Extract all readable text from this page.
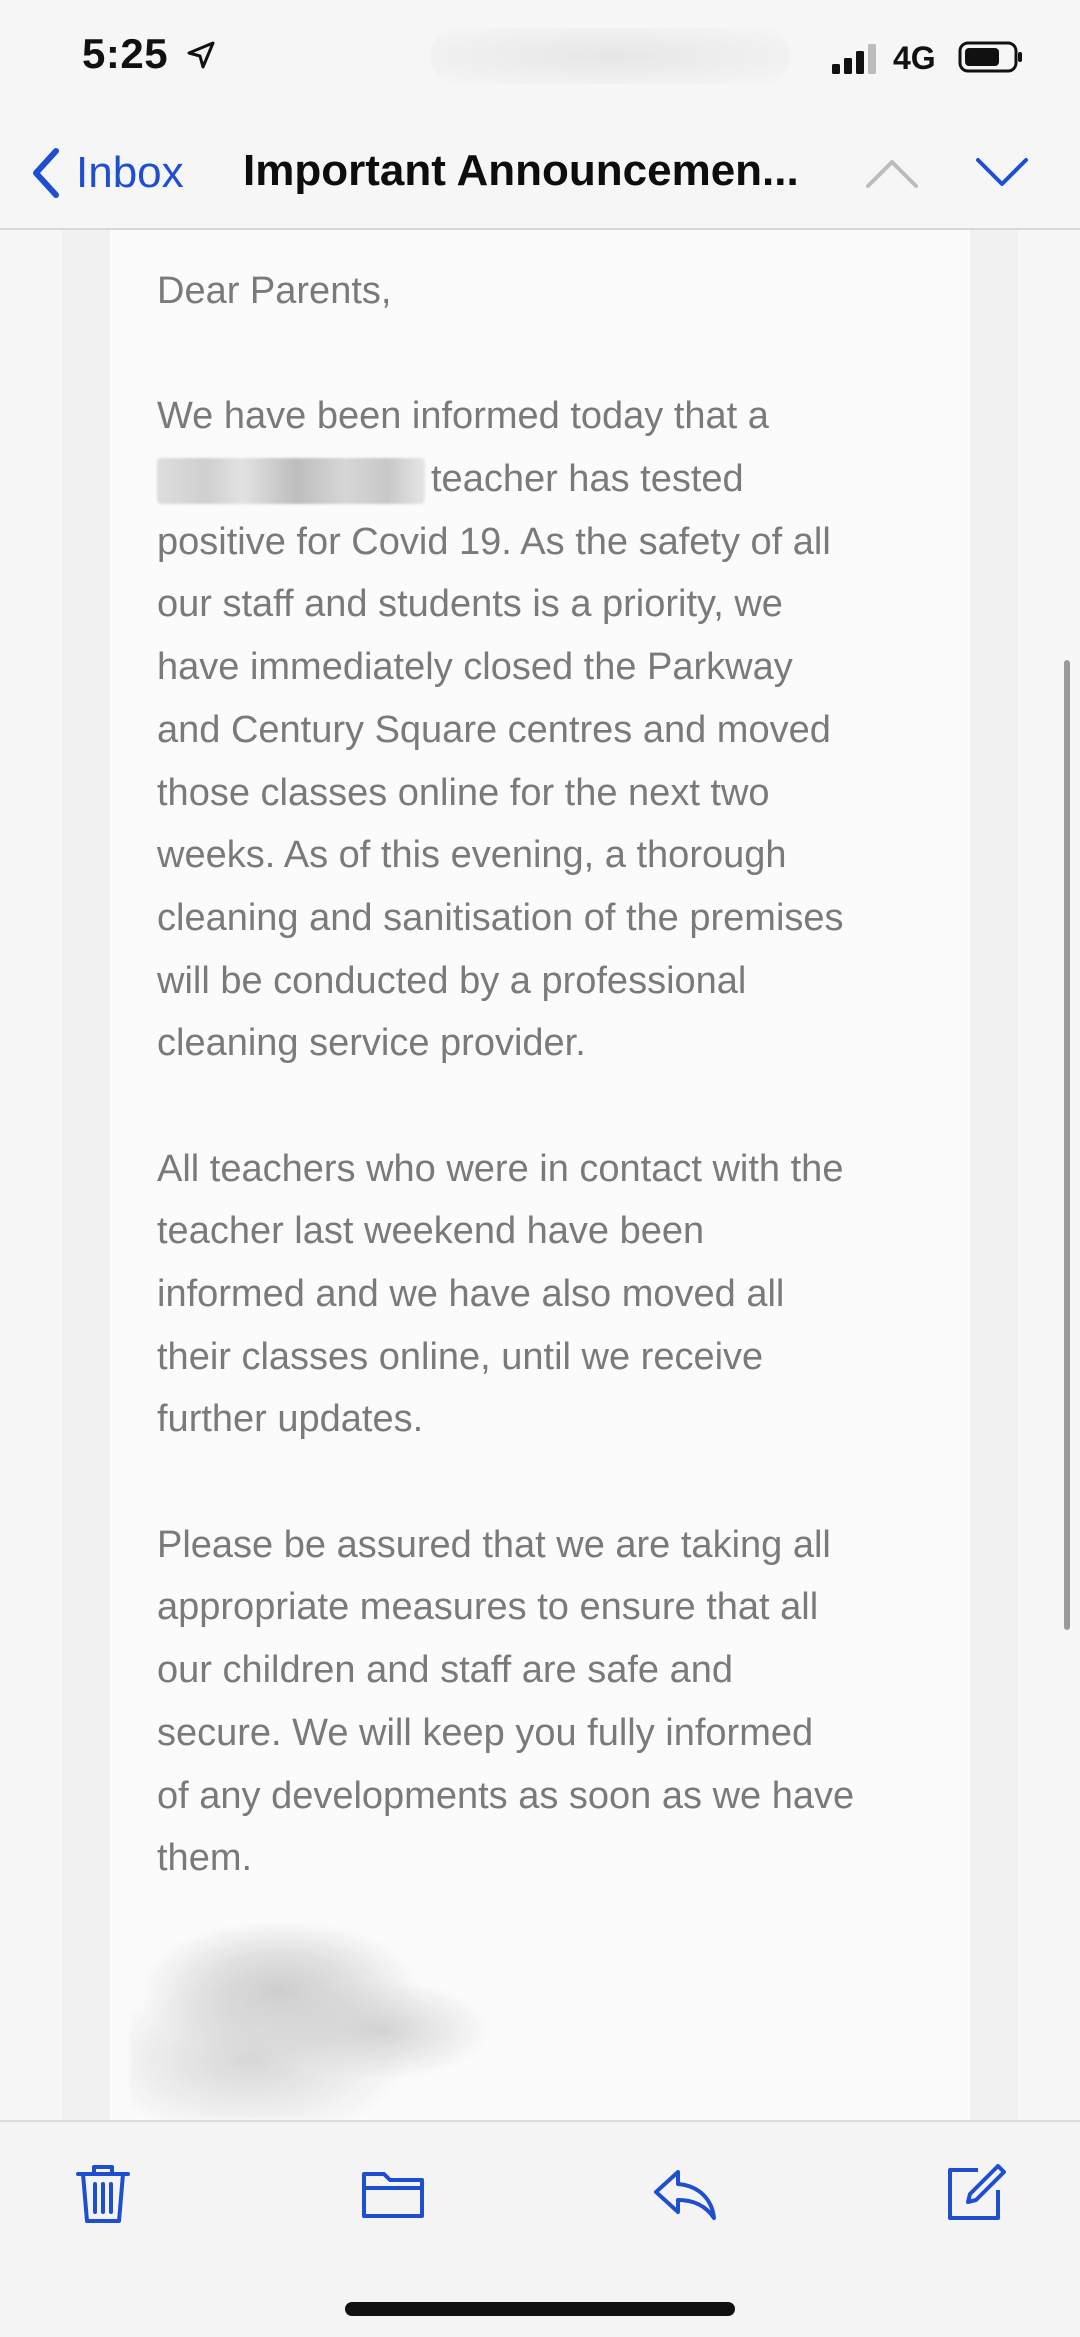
5:25	4G
Inbox Important Announcemen...
Dear Parents,
We have been informed today that a
teacher has tested
positive for Covid 19. As the safety of all
our staff and students is a priority, we
have immediately closed the Parkway
and Century Square centres and moved
those classes online for the next two
weeks. As of this evening, a thorough
cleaning and sanitisation of the premises
will be conducted by a professional
cleaning service provider.
All teachers who were in contact with the
teacher last weekend have been
informed and we have also moved all
their classes online, until we receive
further updates.
Please be assured that we are taking all
appropriate measures to ensure that all
our children and staff are safe and
secure. We will keep you fully informed
of any developments as soon as we have
them.
